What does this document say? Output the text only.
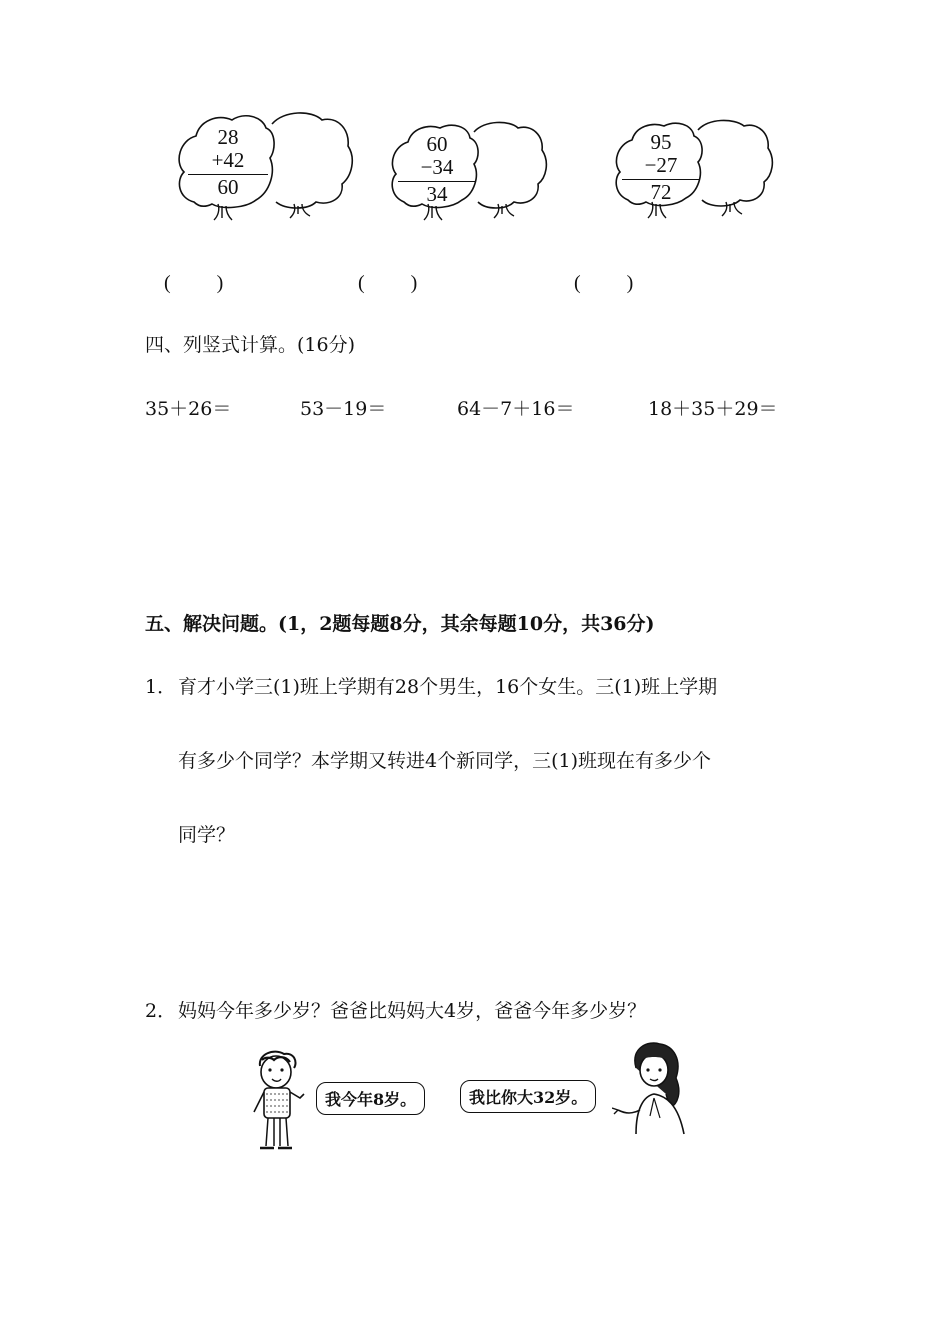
28
+42
60
60
−34
34
95
−27
72
(　　)	(　　)	(　　)
四、列竖式计算。(16分)
35＋26＝	53－19＝	64－7＋16＝	18＋35＋29＝
五、解决问题。(1，2题每题8分，其余每题10分，共36分)
1． 育才小学三(1)班上学期有28个男生，16个女生。三(1)班上学期
有多少个同学？本学期又转进4个新同学，三(1)班现在有多少个
同学？
2． 妈妈今年多少岁？爸爸比妈妈大4岁，爸爸今年多少岁？
我今年8岁。	我比你大32岁。
